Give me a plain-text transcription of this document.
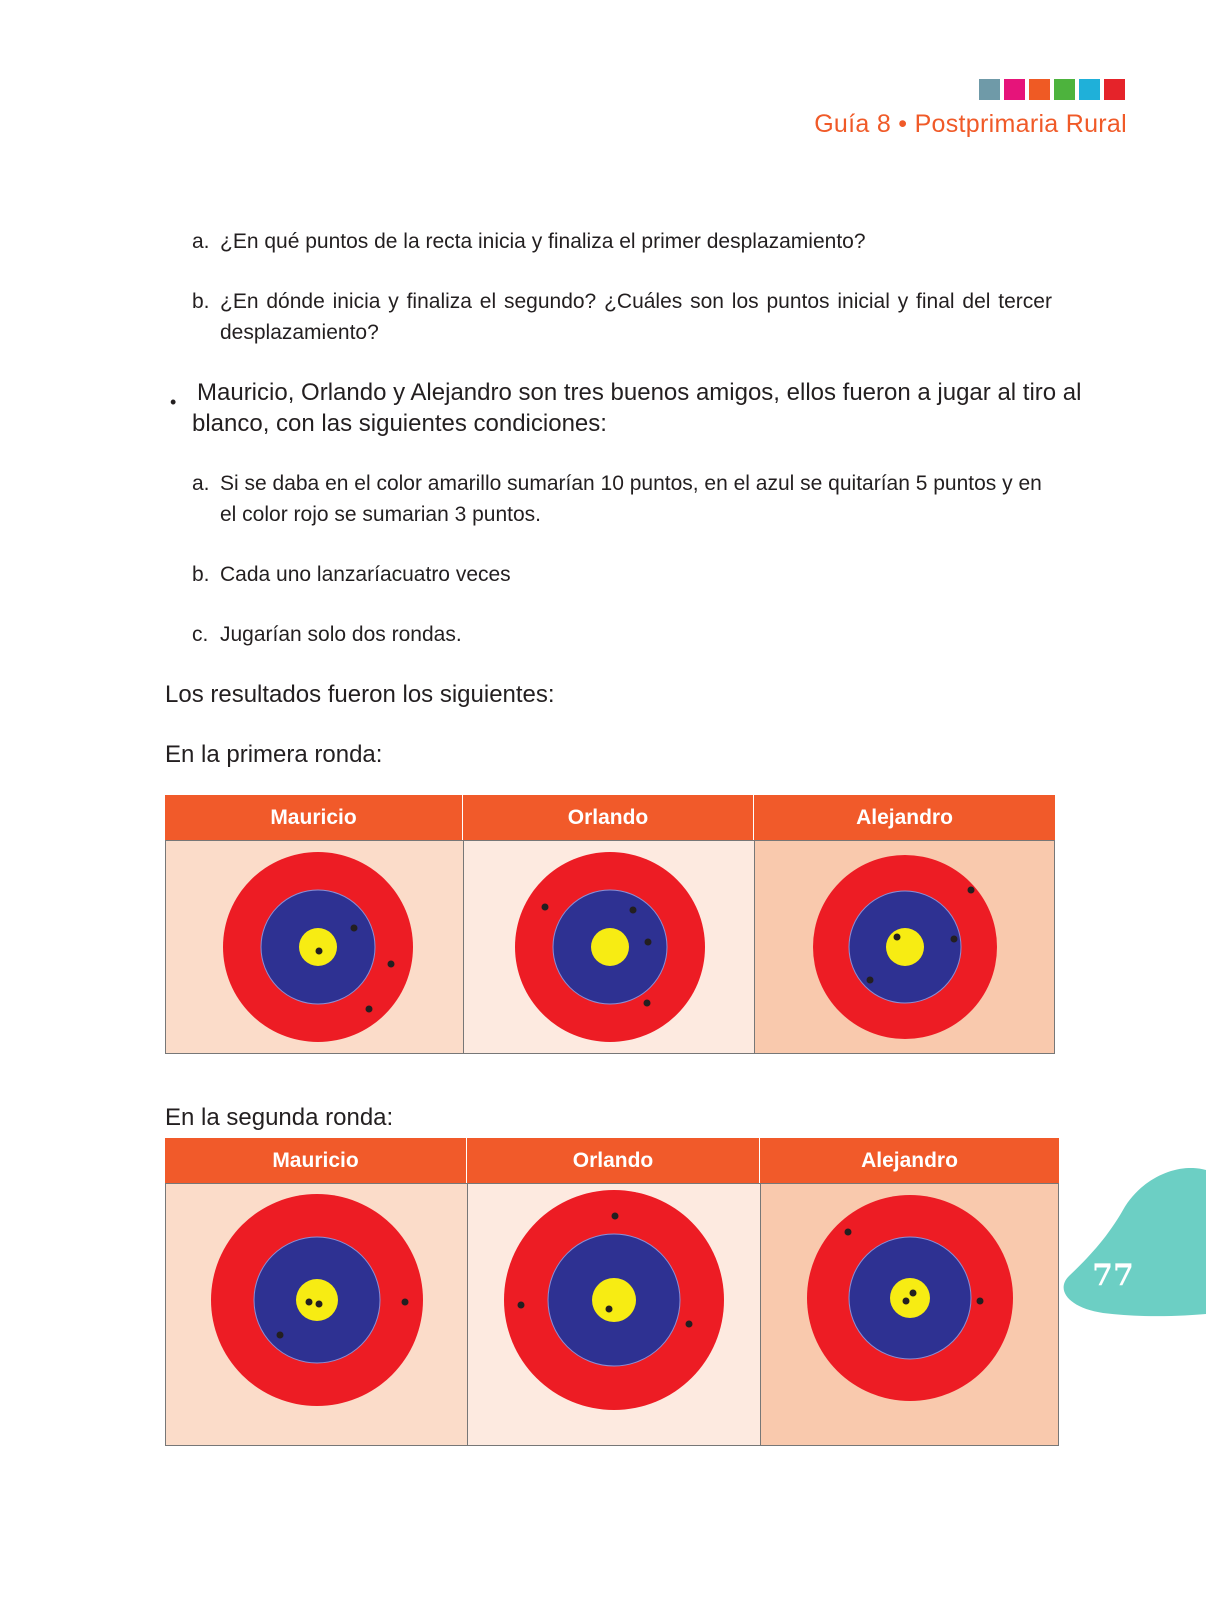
Guía 8 • Postprimaria Rural
a. ¿En qué puntos de la recta inicia y finaliza el primer desplazamiento?
b. ¿En dónde inicia y finaliza el segundo? ¿Cuáles son los puntos inicial y final del tercer
desplazamiento?
• Mauricio, Orlando y Alejandro son tres buenos amigos, ellos fueron a jugar al tiro al
blanco, con las siguientes condiciones:
a. Si se daba en el color amarillo sumarían 10 puntos, en el azul se quitarían 5 puntos y en
el color rojo se sumarian 3 puntos.
b. Cada uno lanzaríacuatro veces
c. Jugarían solo dos rondas.
Los resultados fueron los siguientes:
En la primera ronda:
Mauricio	Orlando	Alejandro
En la segunda ronda:
Mauricio	Orlando	Alejandro
77
